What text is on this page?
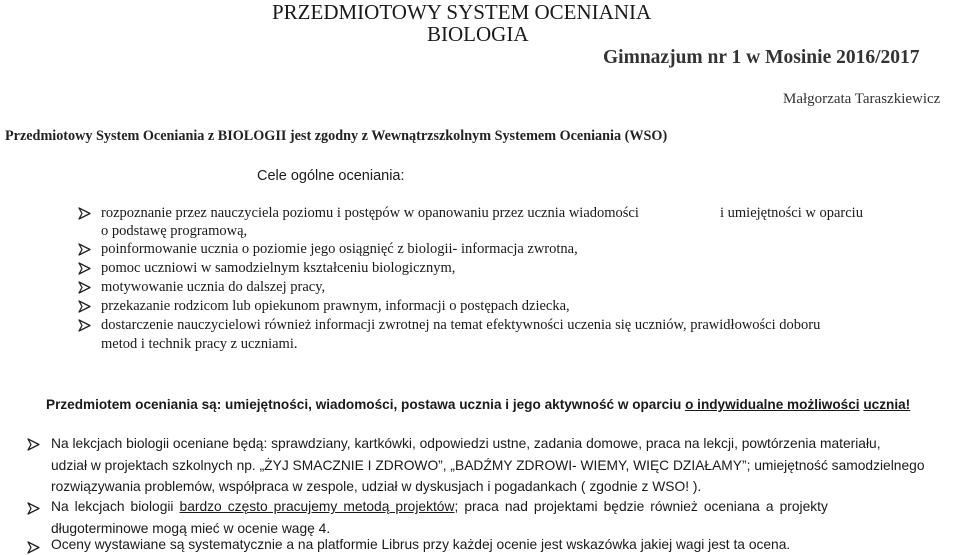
PRZEDMIOTOWY SYSTEM OCENIANIA
BIOLOGIA
Gimnazjum nr 1 w Mosinie 2016/2017
Małgorzata Taraszkiewicz
Przedmiotowy System Oceniania z BIOLOGII jest zgodny z Wewnątrzszkolnym Systemem Oceniania (WSO)
Cele ogólne oceniania:
rozpoznanie przez nauczyciela poziomu i postępów w opanowaniu przez ucznia wiadomości	i umiejętności w oparciu
o podstawę programową,
poinformowanie ucznia o poziomie jego osiągnięć z biologii- informacja zwrotna,
pomoc uczniowi w samodzielnym kształceniu biologicznym,
motywowanie ucznia do dalszej pracy,
przekazanie rodzicom lub opiekunom prawnym, informacji o postępach dziecka,
dostarczenie nauczycielowi również informacji zwrotnej na temat efektywności uczenia się uczniów, prawidłowości doboru
metod i technik pracy z uczniami.
Przedmiotem oceniania są: umiejętności, wiadomości, postawa ucznia i jego aktywność w oparciu o indywidualne możliwości ucznia!
Na lekcjach biologii oceniane będą: sprawdziany, kartkówki, odpowiedzi ustne, zadania domowe, praca na lekcji, powtórzenia materiału,
udział w projektach szkolnych np. „ŻYJ SMACZNIE I ZDROWO”, „BADŹMY ZDROWI- WIEMY, WIĘC DZIAŁAMY”; umiejętność samodzielnego
rozwiązywania problemów, współpraca w zespole, udział w dyskusjach i pogadankach ( zgodnie z WSO! ).
Na lekcjach biologii bardzo często pracujemy metodą projektów; praca nad projektami będzie również oceniana a projekty
długoterminowe mogą mieć w ocenie wagę 4.
Oceny wystawiane są systematycznie a na platformie Librus przy każdej ocenie jest wskazówka jakiej wagi jest ta ocena.
